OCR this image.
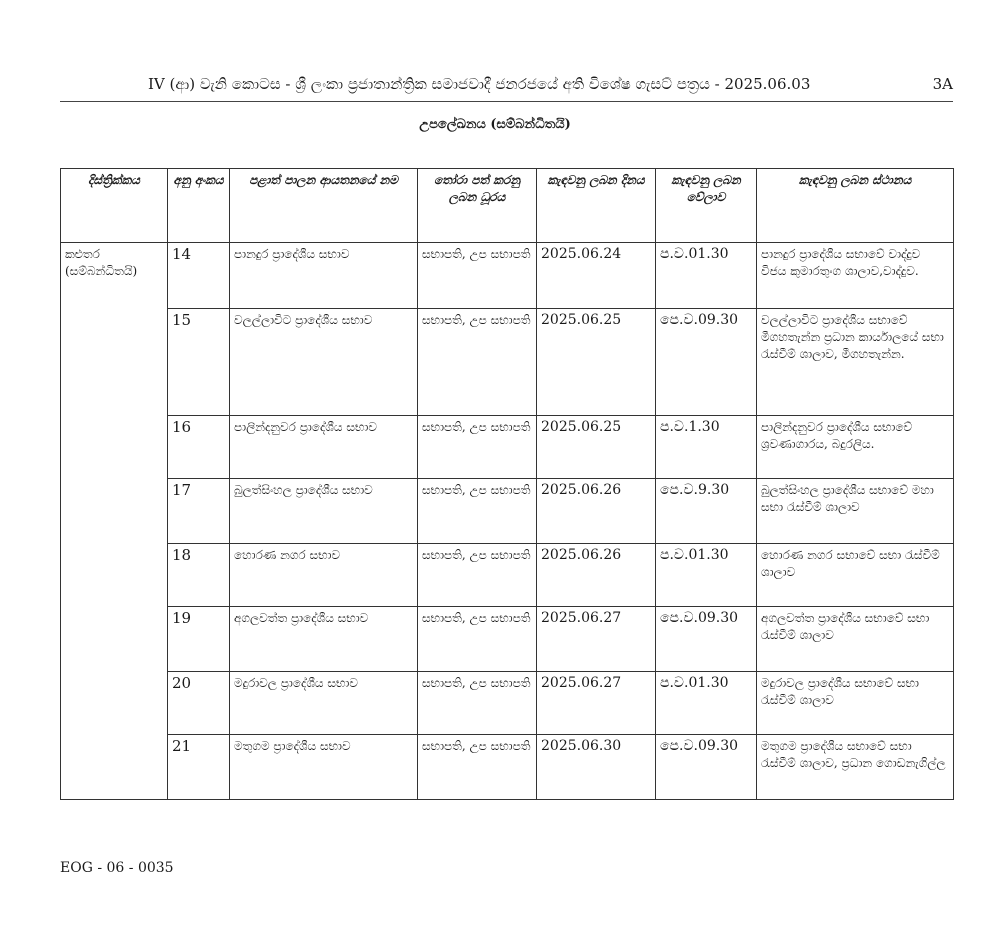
IV (ආ) වැනි කොටස - ශ්‍රී ලංකා ප්‍රජාතාන්ත්‍රික සමාජවාදී ජනරජයේ අති විශේෂ ගැසට් පත්‍රය - 2025.06.03	3A
උපලේඛනය (සම්බන්ධිතයි)
දිස්ත්‍රික්කය	අනු අංකය	පළාත් පාලන ආයතනයේ නම	තෝරා පත් කරනු ලබන ධූරය	කැඳවනු ලබන දිනය	කැඳවනු ලබන වේලාව	කැඳවනු ලබන ස්ථානය
කළුතර (සම්බන්ධිතයි)	14	පානදුර ප්‍රාදේශීය සභාව	සභාපති, උප සභාපති	2025.06.24	ප.ව.01.30	පානදුර ප්‍රාදේශීය සභාවේ වාද්දුව විජය කුමාරතුංග ශාලාව,වාද්දුව.
	15	වලල්ලාවිට ප්‍රාදේශීය සභාව	සභාපති, උප සභාපති	2025.06.25	පෙ.ව.09.30	වලල්ලාවිට ප්‍රාදේශීය සභාවේ මීගහතැන්න ප්‍රධාන කාර්යාලයේ සභා රැස්වීම් ශාලාව, මීගහතැන්න.
	16	පාලින්දනුවර ප්‍රාදේශීය සභාව	සභාපති, උප සභාපති	2025.06.25	ප.ව.1.30	පාලින්දනුවර ප්‍රාදේශීය සභාවේ ශ්‍රවණාගාරය, බදුරලිය.
	17	බුලත්සිංහල ප්‍රාදේශීය සභාව	සභාපති, උප සභාපති	2025.06.26	පෙ.ව.9.30	බුලත්සිංහල ප්‍රාදේශීය සභාවේ මහා සභා රැස්වීම් ශාලාව
	18	හොරණ නගර සභාව	සභාපති, උප සභාපති	2025.06.26	ප.ව.01.30	හොරණ නගර සභාවේ සභා රැස්වීම් ශාලාව
	19	අගලවත්ත ප්‍රාදේශීය සභාව	සභාපති, උප සභාපති	2025.06.27	පෙ.ව.09.30	අගලවත්ත ප්‍රාදේශීය සභාවේ සභා රැස්වීම් ශාලාව
	20	මදුරාවල ප්‍රාදේශීය සභාව	සභාපති, උප සභාපති	2025.06.27	ප.ව.01.30	මදුරාවල ප්‍රාදේශීය සභාවේ සභා රැස්වීම් ශාලාව
	21	මතුගම ප්‍රාදේශීය සභාව	සභාපති, උප සභාපති	2025.06.30	පෙ.ව.09.30	මතුගම ප්‍රාදේශීය සභාවේ සභා රැස්වීම් ශාලාව, ප්‍රධාන ගොඩනැගිල්ල
EOG - 06 - 0035
